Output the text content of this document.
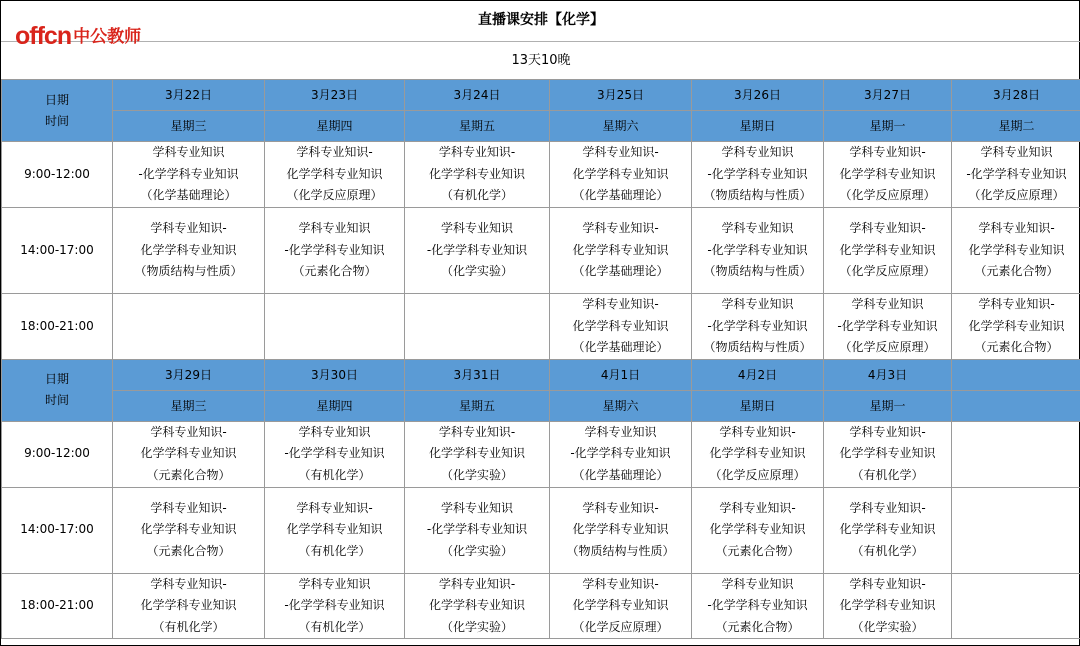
offcn 中公教师
直播课安排【化学】
13天10晚
日期
时间	3月22日	3月23日	3月24日	3月25日	3月26日	3月27日	3月28日
	星期三	星期四	星期五	星期六	星期日	星期一	星期二
9:00-12:00	学科专业知识
-化学学科专业知识
（化学基础理论）	学科专业知识-
化学学科专业知识
（化学反应原理）	学科专业知识-
化学学科专业知识
（有机化学）	学科专业知识-
化学学科专业知识
（化学基础理论）	学科专业知识
-化学学科专业知识
（物质结构与性质）	学科专业知识-
化学学科专业知识
（化学反应原理）	学科专业知识
-化学学科专业知识
（化学反应原理）

14:00-17:00	学科专业知识-
化学学科专业知识
（物质结构与性质）	学科专业知识
-化学学科专业知识
（元素化合物）	学科专业知识
-化学学科专业知识
（化学实验）	学科专业知识-
化学学科专业知识
（化学基础理论）	学科专业知识
-化学学科专业知识
（物质结构与性质）	学科专业知识-
化学学科专业知识
（化学反应原理）	学科专业知识-
化学学科专业知识
（元素化合物）

18:00-21:00				学科专业知识-
化学学科专业知识
（化学基础理论）	学科专业知识
-化学学科专业知识
（物质结构与性质）	学科专业知识
-化学学科专业知识
（化学反应原理）	学科专业知识-
化学学科专业知识
（元素化合物）

日期
时间	3月29日	3月30日	3月31日	4月1日	4月2日	4月3日	
	星期三	星期四	星期五	星期六	星期日	星期一	
9:00-12:00	学科专业知识-
化学学科专业知识
（元素化合物）	学科专业知识
-化学学科专业知识
（有机化学）	学科专业知识-
化学学科专业知识
（化学实验）	学科专业知识
-化学学科专业知识
（化学基础理论）	学科专业知识-
化学学科专业知识
（化学反应原理）	学科专业知识-
化学学科专业知识
（有机化学）	

14:00-17:00	学科专业知识-
化学学科专业知识
（元素化合物）	学科专业知识-
化学学科专业知识
（有机化学）	学科专业知识
-化学学科专业知识
（化学实验）	学科专业知识-
化学学科专业知识
（物质结构与性质）	学科专业知识-
化学学科专业知识
（元素化合物）	学科专业知识-
化学学科专业知识
（有机化学）	

18:00-21:00	学科专业知识-
化学学科专业知识
（有机化学）	学科专业知识
-化学学科专业知识
（有机化学）	学科专业知识-
化学学科专业知识
（化学实验）	学科专业知识-
化学学科专业知识
（化学反应原理）	学科专业知识
-化学学科专业知识
（元素化合物）	学科专业知识-
化学学科专业知识
（化学实验）	
